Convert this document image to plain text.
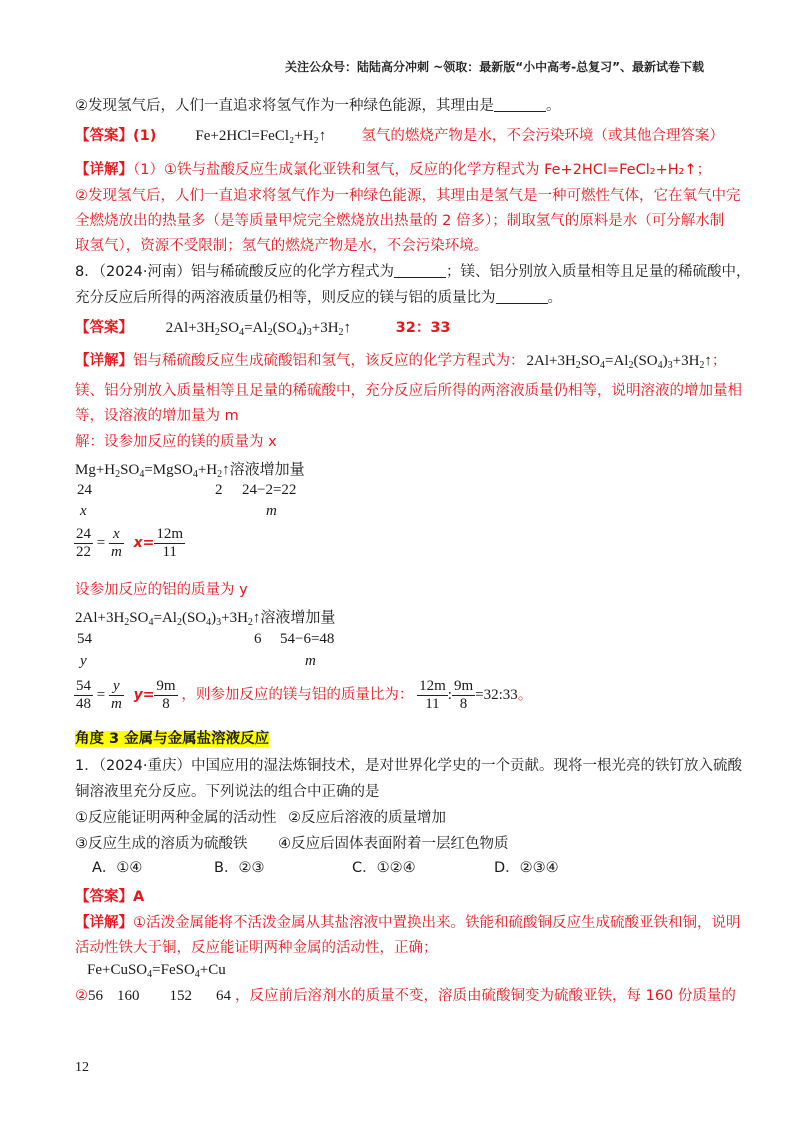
关注公众号：陆陆高分冲刺 ~领取：最新版“小中高考-总复习”、最新试卷下载
②发现氢气后，人们一直追求将氢气作为一种绿色能源，其理由是	。
【答案】(1)	Fe+2HCl=FeCl₂+H₂↑ 氢气的燃烧产物是水，不会污染环境（或其他合理答案）
【详解】（1）①铁与盐酸反应生成氯化亚铁和氢气，反应的化学方程式为 Fe+2HCl=FeCl₂+H₂↑；
②发现氢气后，人们一直追求将氢气作为一种绿色能源，其理由是氢气是一种可燃性气体，它在氧气中完
全燃烧放出的热量多（是等质量甲烷完全燃烧放出热量的 2 倍多）；制取氢气的原料是水（可分解水制
取氢气），资源不受限制；氢气的燃烧产物是水，不会污染环境。
8．（2024·河南）铝与稀硫酸反应的化学方程式为	；镁、铝分别放入质量相等且足量的稀硫酸中，
充分反应后所得的两溶液质量仍相等，则反应的镁与铝的质量比为	。
【答案】 $2Al+3H_2SO_4=Al_2(SO_4)_3+3H_2↑$	32：33
【详解】铝与稀硫酸反应生成硫酸铝和氢气，该反应的化学方程式为： $2Al+3H_2SO_4=Al_2(SO_4)_3+3H_2↑$；
镁、铝分别放入质量相等且足量的稀硫酸中，充分反应后所得的两溶液质量仍相等，说明溶液的增加量相
等，设溶液的增加量为 m
解：设参加反应的镁的质量为 x
$Mg+H_2SO_4=MgSO_4+H_2↑$溶液增加量
24	2 24−2=22
x	m
$\frac{24}{22} = \frac{x}{m} x= \frac{12m}{11}$
设参加反应的铝的质量为 y
$2Al+3H_2SO_4=Al_2(SO_4)_3+3H_2↑$溶液增加量
54	6 54−6=48
y	m
$\frac{54}{48} = \frac{y}{m} y= \frac{9m}{8}$ ，则参加反应的镁与铝的质量比为： $\frac{12m}{11}$ : $\frac{9m}{8}$ =32:33。
角度 3 金属与金属盐溶液反应
1．（2024·重庆）中国应用的湿法炼铜技术，是对世界化学史的一个贡献。现将一根光亮的铁钉放入硫酸
铜溶液里充分反应。下列说法的组合中正确的是
①反应能证明两种金属的活动性 ②反应后溶液的质量增加
③反应生成的溶质为硫酸铁 ④反应后固体表面附着一层红色物质
A．①④	B．②③	C．①②④	D．②③④
【答案】A
【详解】①活泼金属能将不活泼金属从其盐溶液中置换出来。铁能和硫酸铜反应生成硫酸亚铁和铜，说明
活动性铁大于铜，反应能证明两种金属的活动性，正确；
Fe+CuSO$_4$=FeSO$_4$+Cu
②56 160 152 64 ，反应前后溶剂水的质量不变，溶质由硫酸铜变为硫酸亚铁，每 160 份质量的
12
